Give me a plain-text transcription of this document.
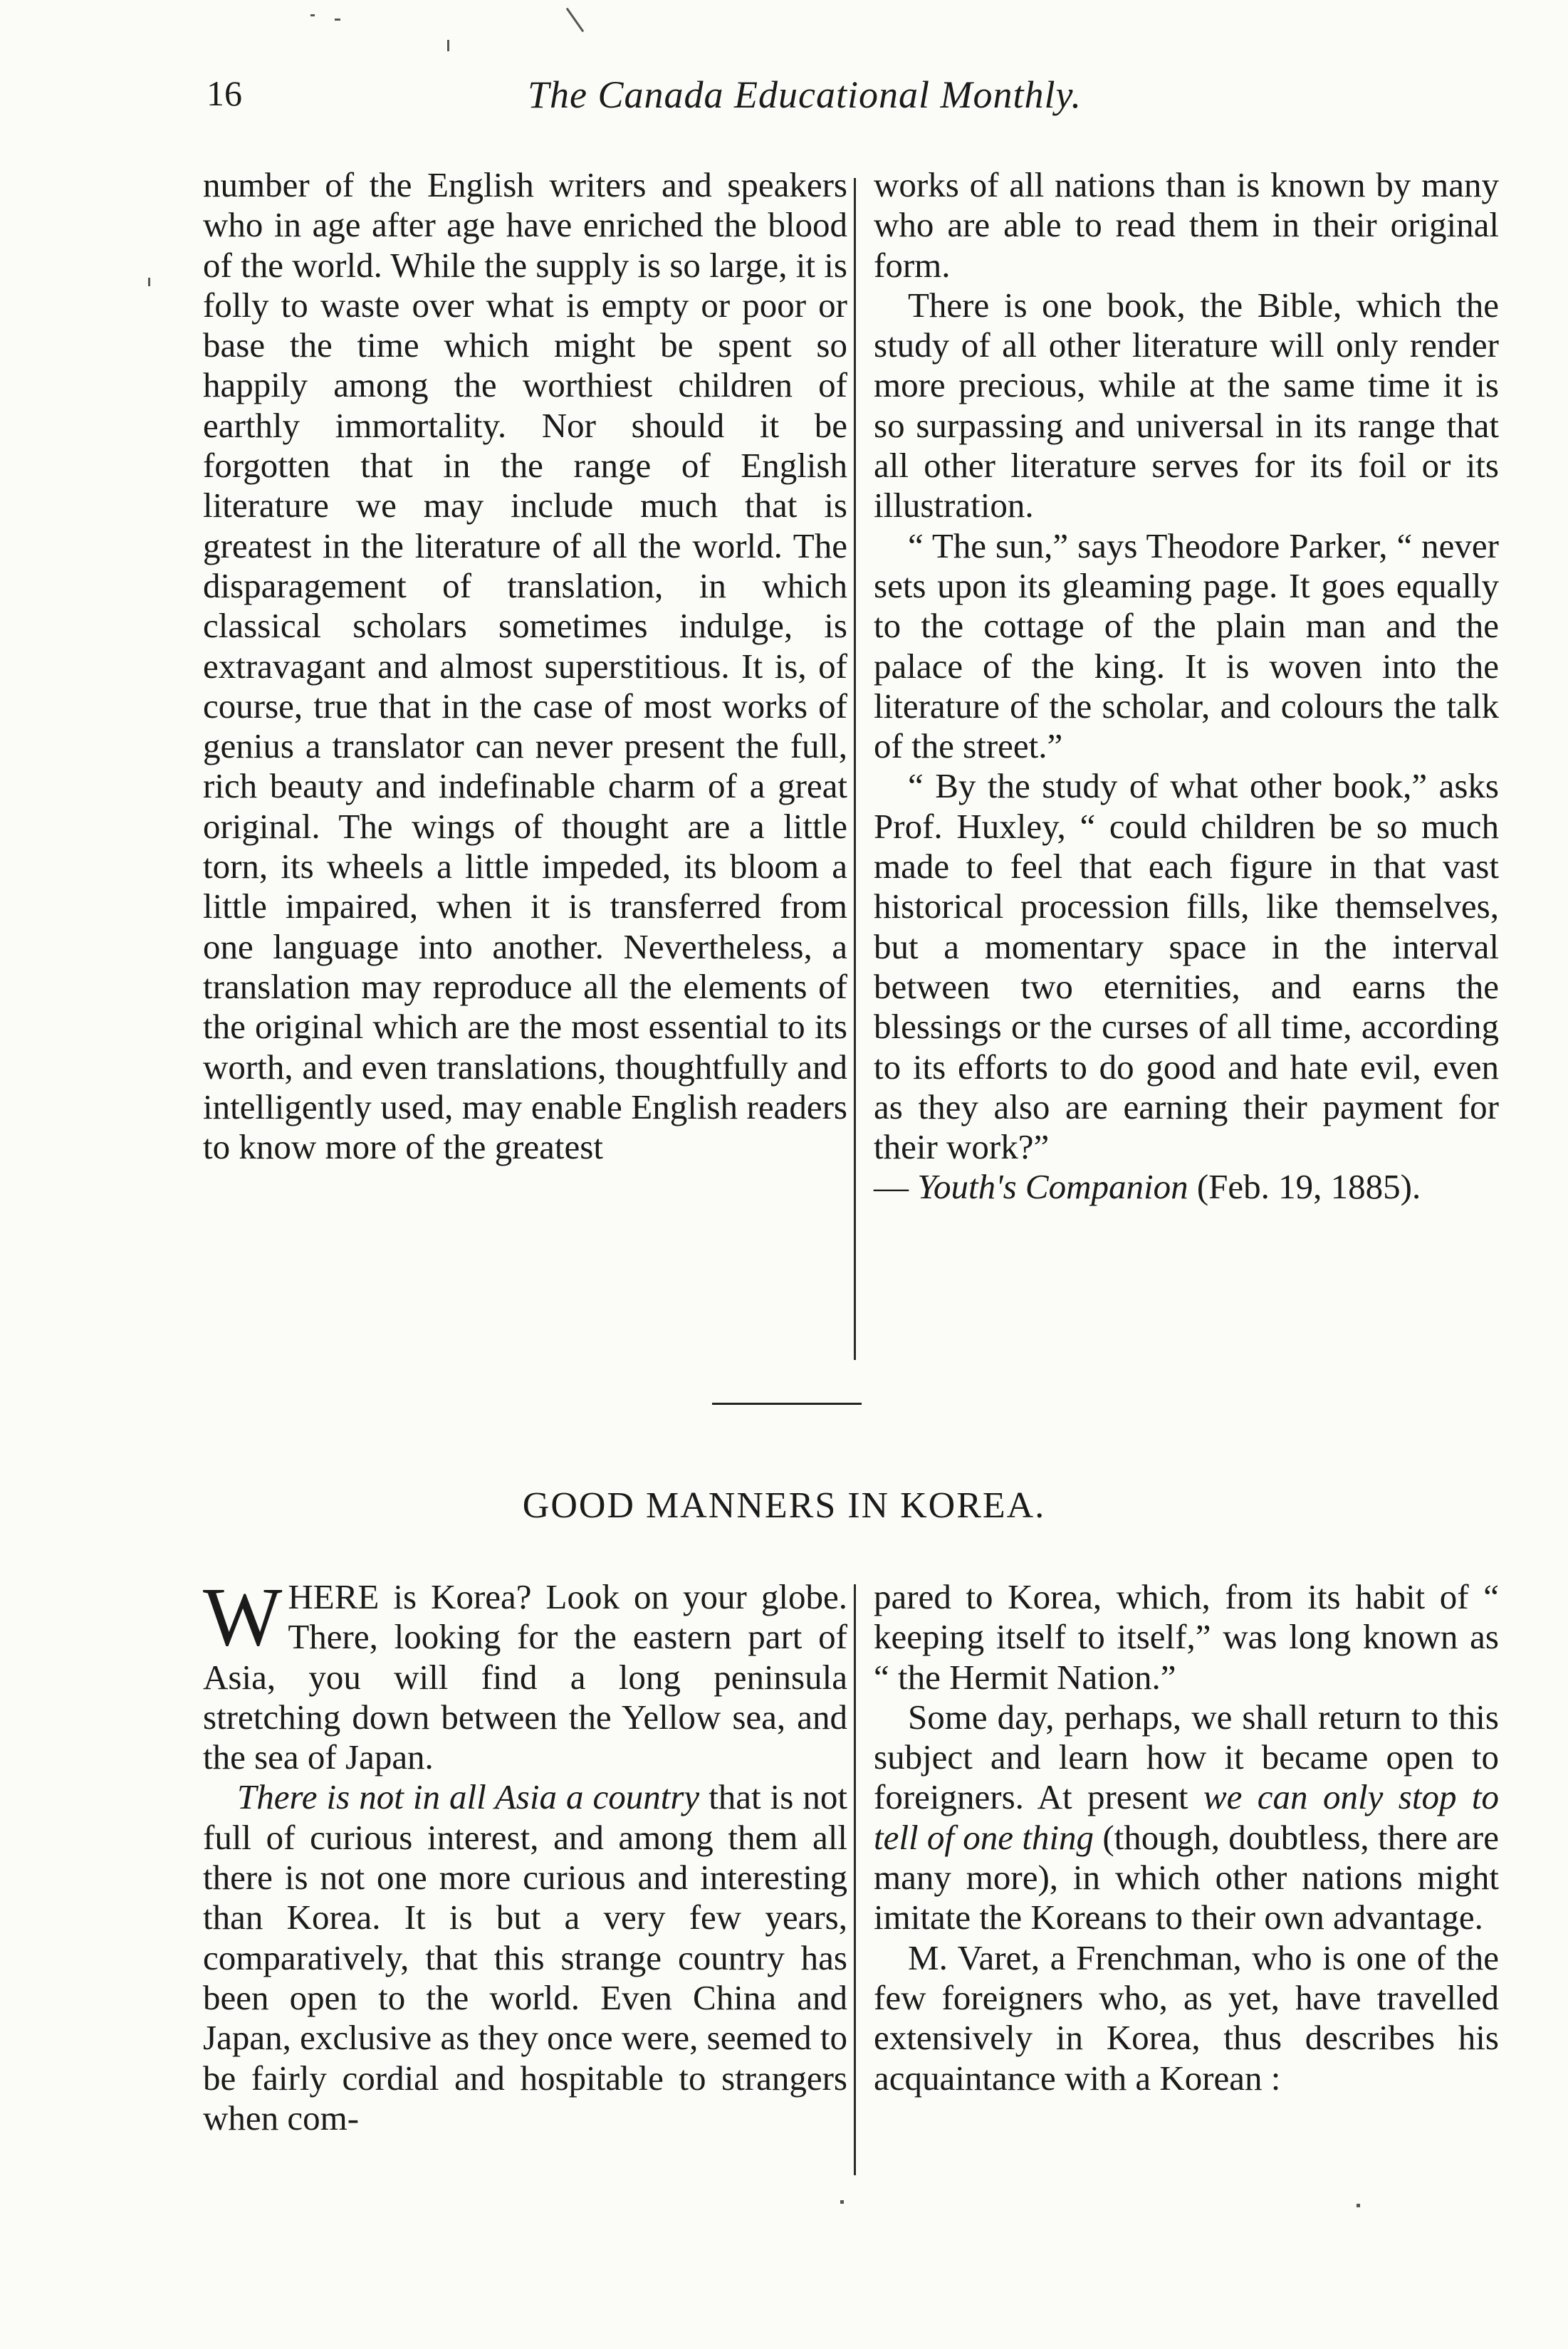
16	The Canada Educational Monthly.

number of the English writers and speakers who in age after age have enriched the blood of the world. While the supply is so large, it is folly to waste over what is empty or poor or base the time which might be spent so happily among the worthiest children of earthly immortality. Nor should it be forgotten that in the range of English literature we may include much that is greatest in the literature of all the world. The disparagement of translation, in which classical scholars sometimes indulge, is extravagant and almost superstitious. It is, of course, true that in the case of most works of genius a translator can never present the full, rich beauty and indefinable charm of a great original. The wings of thought are a little torn, its wheels a little impeded, its bloom a little impaired, when it is transferred from one language into another. Nevertheless, a translation may reproduce all the elements of the original which are the most essential to its worth, and even translations, thoughtfully and intelligently used, may enable English readers to know more of the greatest

works of all nations than is known by many who are able to read them in their original form.

There is one book, the Bible, which the study of all other literature will only render more precious, while at the same time it is so surpassing and universal in its range that all other literature serves for its foil or its illustration.

“ The sun,” says Theodore Parker, “ never sets upon its gleaming page. It goes equally to the cottage of the plain man and the palace of the king. It is woven into the literature of the scholar, and colours the talk of the street.”

“ By the study of what other book,” asks Prof. Huxley, “ could children be so much made to feel that each figure in that vast historical procession fills, like themselves, but a momentary space in the interval between two eternities, and earns the blessings or the curses of all time, according to its efforts to do good and hate evil, even as they also are earning their payment for their work?”

— Youth's Companion (Feb. 19, 1885).

GOOD MANNERS IN KOREA.

WHERE is Korea? Look on your globe. There, looking for the eastern part of Asia, you will find a long peninsula stretching down between the Yellow sea, and the sea of Japan.

There is not in all Asia a country that is not full of curious interest, and among them all there is not one more curious and interesting than Korea. It is but a very few years, comparatively, that this strange country has been open to the world. Even China and Japan, exclusive as they once were, seemed to be fairly cordial and hospitable to strangers when com-

pared to Korea, which, from its habit of “ keeping itself to itself,” was long known as “ the Hermit Nation.”

Some day, perhaps, we shall return to this subject and learn how it became open to foreigners. At present we can only stop to tell of one thing (though, doubtless, there are many more), in which other nations might imitate the Koreans to their own advantage.

M. Varet, a Frenchman, who is one of the few foreigners who, as yet, have travelled extensively in Korea, thus describes his acquaintance with a Korean :
